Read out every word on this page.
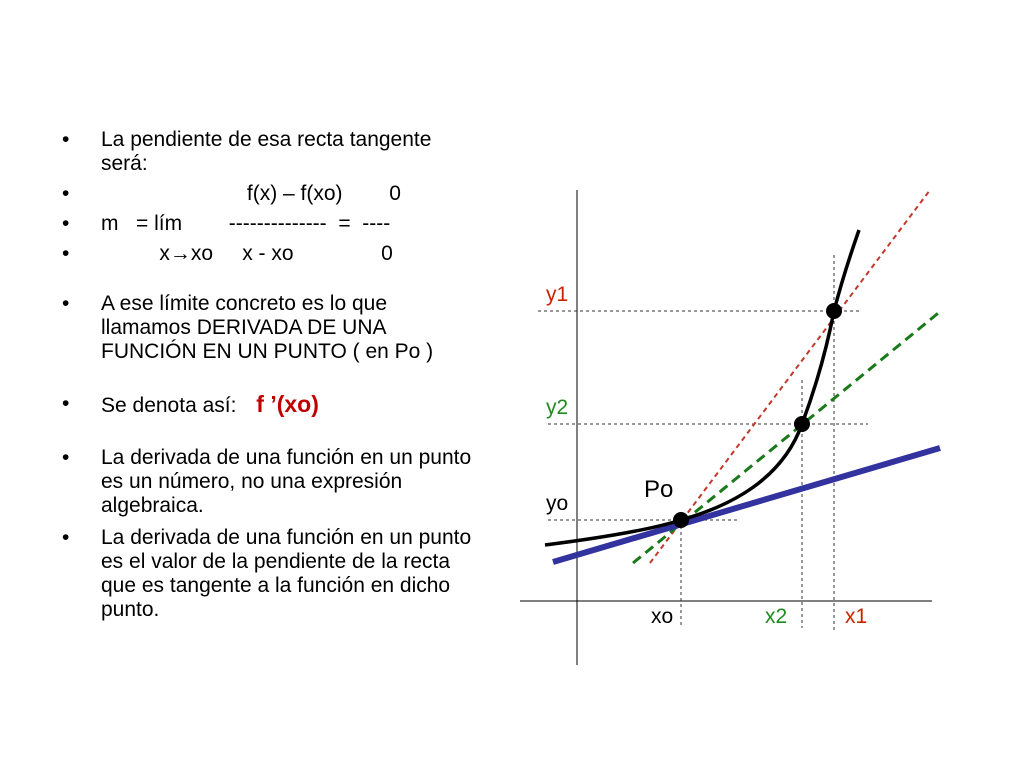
•	La pendiente de esa recta tangente será:
•	f(x) – f(xo)        0
•	m   = lím        --------------  =  ----
•	x→xo     x - xo               0
•	A ese límite concreto es lo que llamamos DERIVADA DE UNA FUNCIÓN EN UN PUNTO ( en Po )
•	Se denota así: f ’(xo)
•	La derivada de una función en un punto es un número, no una expresión algebraica.
•	La derivada de una función en un punto es el valor de la pendiente de la recta que es tangente a la función en dicho punto.
y1
y2
yo
Po
xo	x2	x1
